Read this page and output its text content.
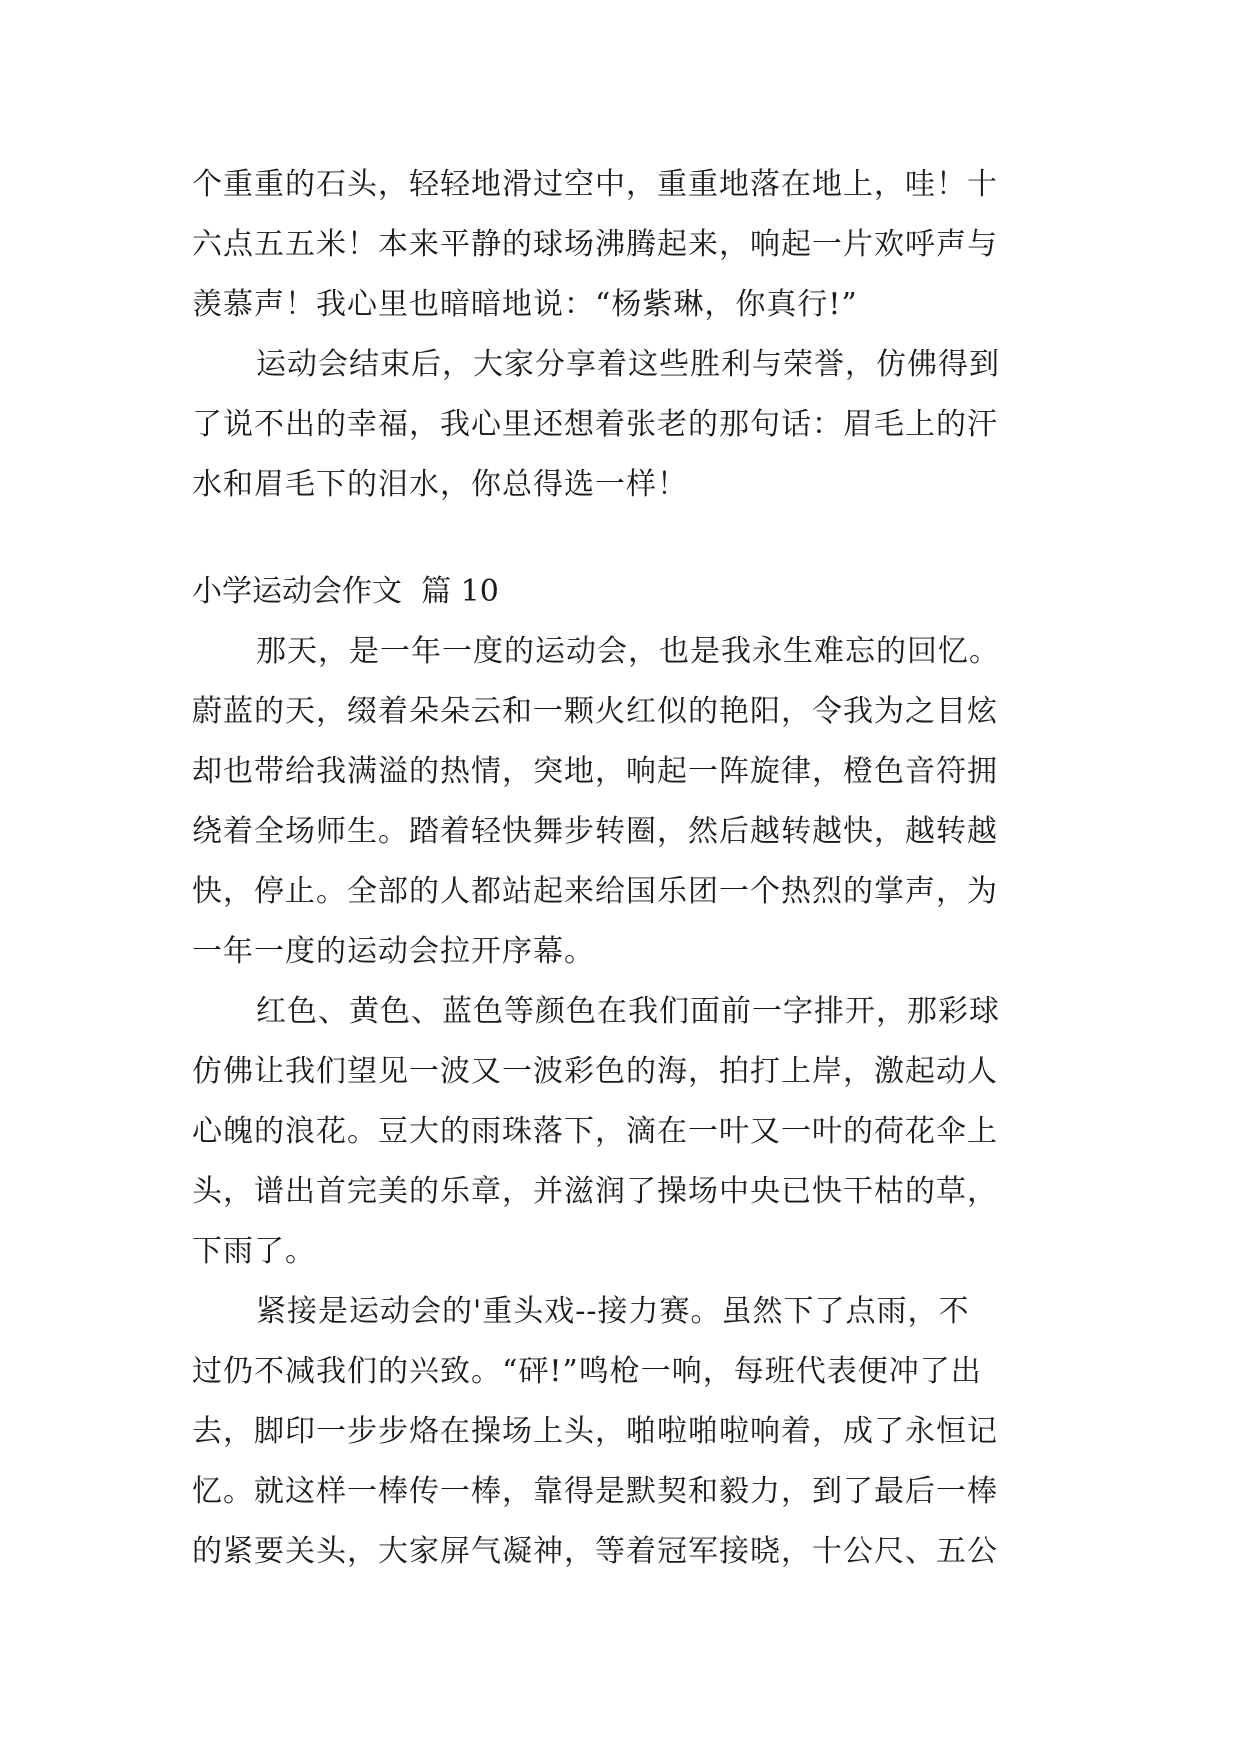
个重重的石头，轻轻地滑过空中，重重地落在地上，哇！十
六点五五米！本来平静的球场沸腾起来，响起一片欢呼声与
羡慕声！我心里也暗暗地说：“杨紫琳，你真行!”
运动会结束后，大家分享着这些胜利与荣誉，仿佛得到
了说不出的幸福，我心里还想着张老的那句话：眉毛上的汗
水和眉毛下的泪水，你总得选一样！
小学运动会作文  篇 10
那天，是一年一度的运动会，也是我永生难忘的回忆。
蔚蓝的天，缀着朵朵云和一颗火红似的艳阳，令我为之目炫
却也带给我满溢的热情，突地，响起一阵旋律，橙色音符拥
绕着全场师生。踏着轻快舞步转圈，然后越转越快，越转越
快，停止。全部的人都站起来给国乐团一个热烈的掌声，为
一年一度的运动会拉开序幕。
红色、黄色、蓝色等颜色在我们面前一字排开，那彩球
仿佛让我们望见一波又一波彩色的海，拍打上岸，激起动人
心魄的浪花。豆大的雨珠落下，滴在一叶又一叶的荷花伞上
头，谱出首完美的乐章，并滋润了操场中央已快干枯的草，
下雨了。
紧接是运动会的'重头戏--接力赛。虽然下了点雨，不
过仍不减我们的兴致。“砰!”鸣枪一响，每班代表便冲了出
去，脚印一步步烙在操场上头，啪啦啪啦响着，成了永恒记
忆。就这样一棒传一棒，靠得是默契和毅力，到了最后一棒
的紧要关头，大家屏气凝神，等着冠军接晓，十公尺、五公
